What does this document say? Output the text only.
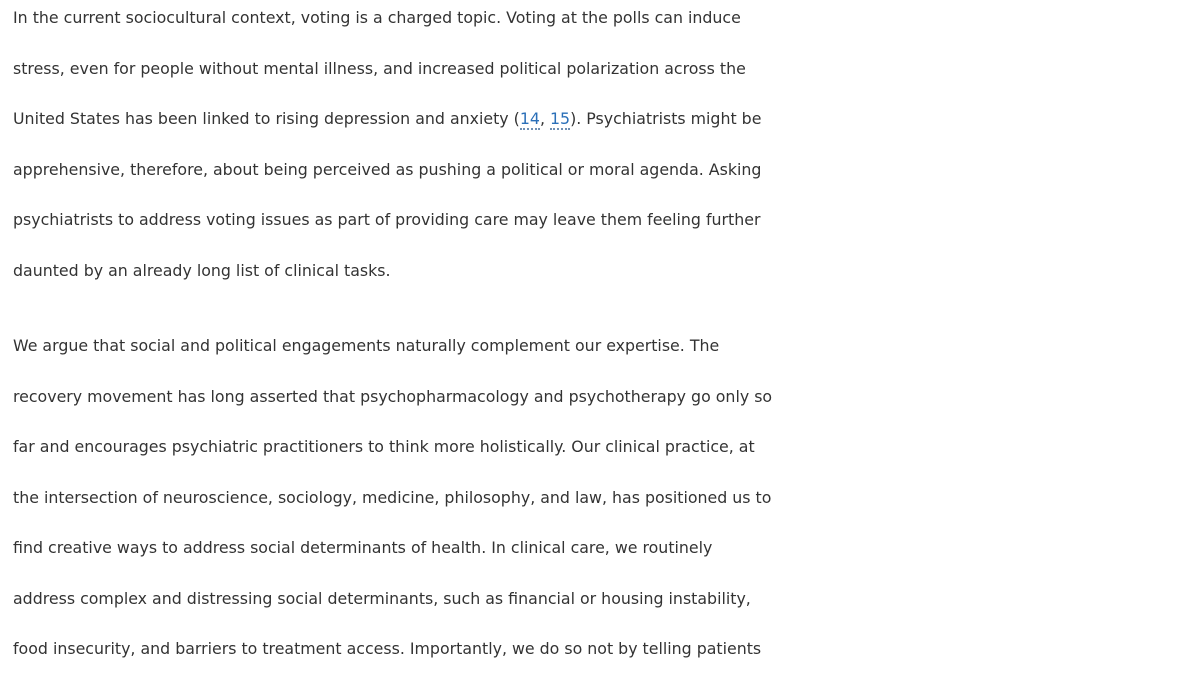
In the current sociocultural context, voting is a charged topic. Voting at the polls can induce
stress, even for people without mental illness, and increased political polarization across the
United States has been linked to rising depression and anxiety (14, 15). Psychiatrists might be
apprehensive, therefore, about being perceived as pushing a political or moral agenda. Asking
psychiatrists to address voting issues as part of providing care may leave them feeling further
daunted by an already long list of clinical tasks.

We argue that social and political engagements naturally complement our expertise. The
recovery movement has long asserted that psychopharmacology and psychotherapy go only so
far and encourages psychiatric practitioners to think more holistically. Our clinical practice, at
the intersection of neuroscience, sociology, medicine, philosophy, and law, has positioned us to
find creative ways to address social determinants of health. In clinical care, we routinely
address complex and distressing social determinants, such as financial or housing instability,
food insecurity, and barriers to treatment access. Importantly, we do so not by telling patients
